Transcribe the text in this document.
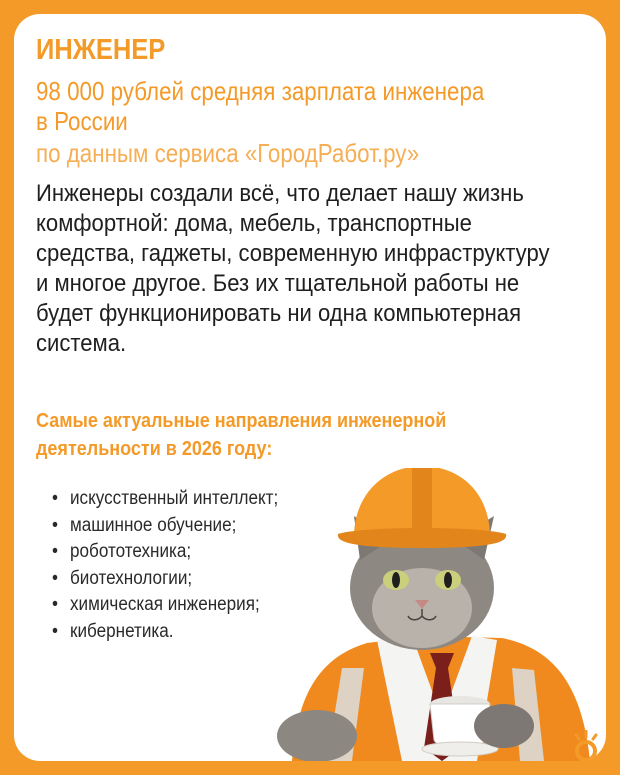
ИНЖЕНЕР
98 000 рублей средняя зарплата инженера в России
по данным сервиса «ГородРабот.ру»

Инженеры создали всё, что делает нашу жизнь комфортной: дома, мебель, транспортные средства, гаджеты, современную инфраструктуру и многое другое. Без их тщательной работы не будет функционировать ни одна компьютерная система.

Самые актуальные направления инженерной деятельности в 2026 году:
• искусственный интеллект;
• машинное обучение;
• робототехника;
• биотехнологии;
• химическая инженерия;
• кибернетика.
